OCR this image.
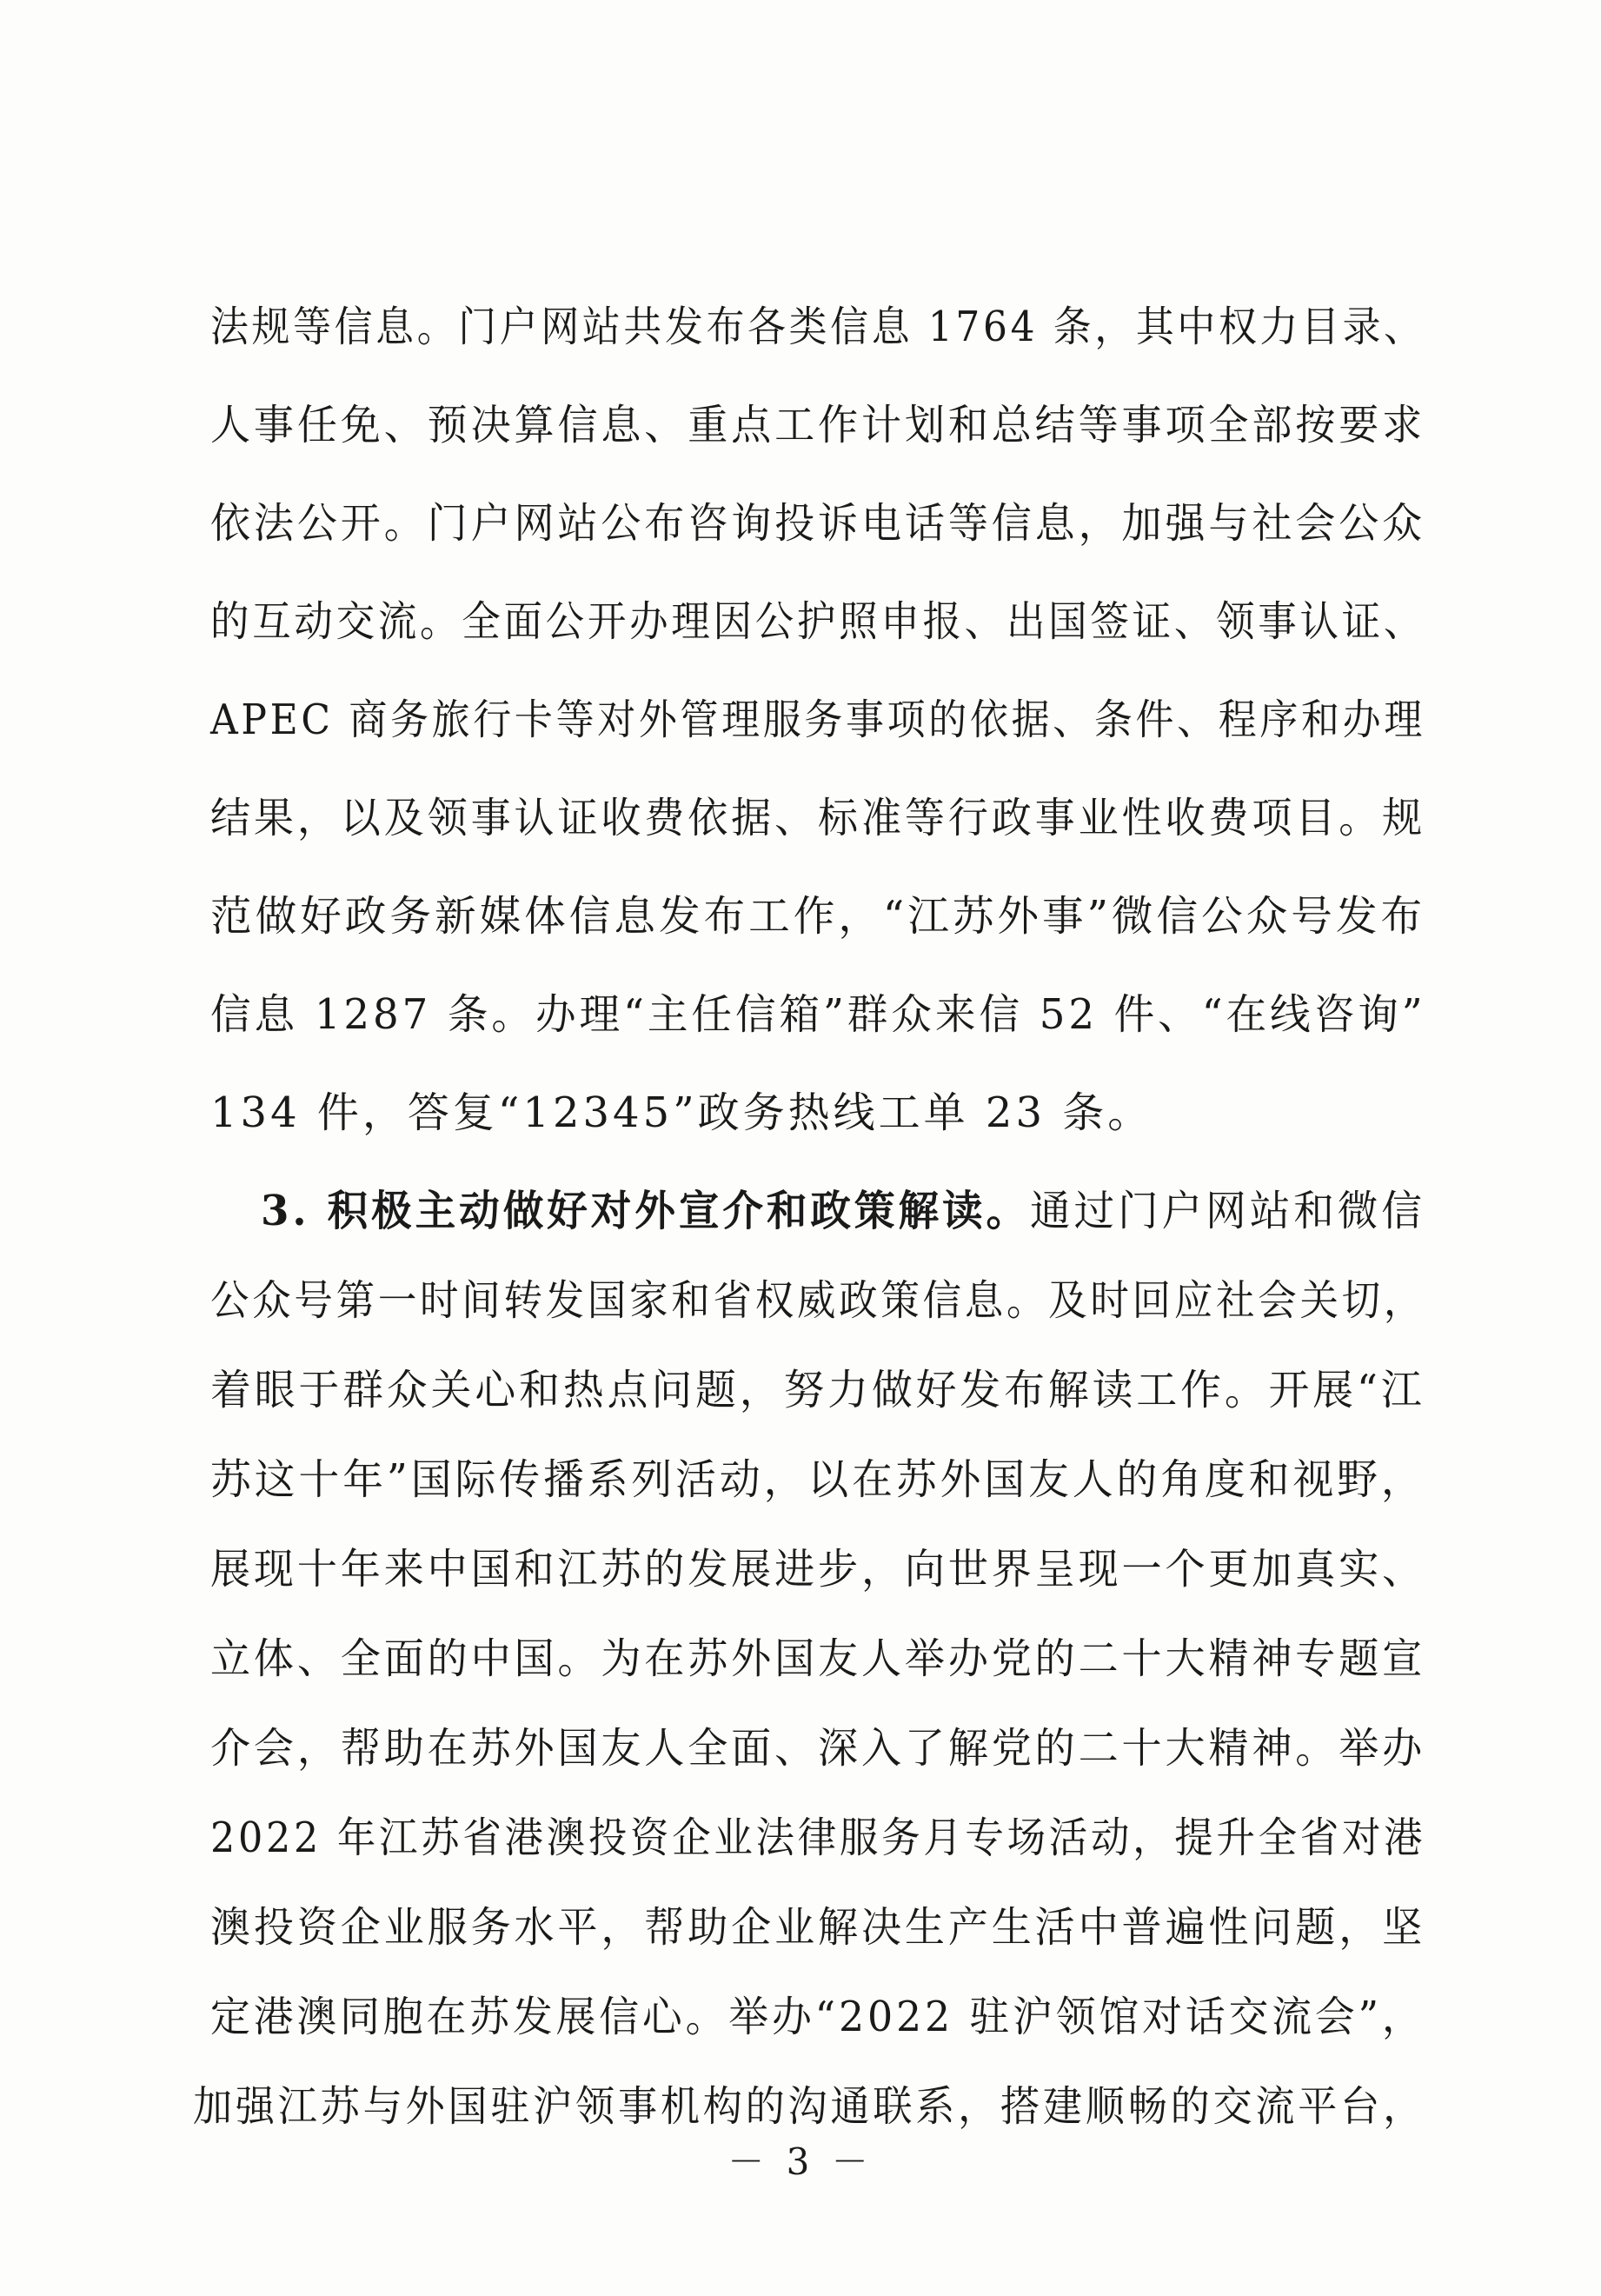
法规等信息。门户网站共发布各类信息 1764 条，其中权力目录、
人事任免、预决算信息、重点工作计划和总结等事项全部按要求
依法公开。门户网站公布咨询投诉电话等信息，加强与社会公众
的互动交流。全面公开办理因公护照申报、出国签证、领事认证、
APEC 商务旅行卡等对外管理服务事项的依据、条件、程序和办理
结果，以及领事认证收费依据、标准等行政事业性收费项目。规
范做好政务新媒体信息发布工作，“江苏外事”微信公众号发布
信息 1287 条。办理“主任信箱”群众来信 52 件、“在线咨询”
134 件，答复“12345”政务热线工单 23 条。
3. 积极主动做好对外宣介和政策解读。通过门户网站和微信
公众号第一时间转发国家和省权威政策信息。及时回应社会关切，
着眼于群众关心和热点问题，努力做好发布解读工作。开展“江
苏这十年”国际传播系列活动，以在苏外国友人的角度和视野，
展现十年来中国和江苏的发展进步，向世界呈现一个更加真实、
立体、全面的中国。为在苏外国友人举办党的二十大精神专题宣
介会，帮助在苏外国友人全面、深入了解党的二十大精神。举办
2022 年江苏省港澳投资企业法律服务月专场活动，提升全省对港
澳投资企业服务水平，帮助企业解决生产生活中普遍性问题，坚
定港澳同胞在苏发展信心。举办“2022 驻沪领馆对话交流会”，
加强江苏与外国驻沪领事机构的沟通联系，搭建顺畅的交流平台，
－ 3 －
